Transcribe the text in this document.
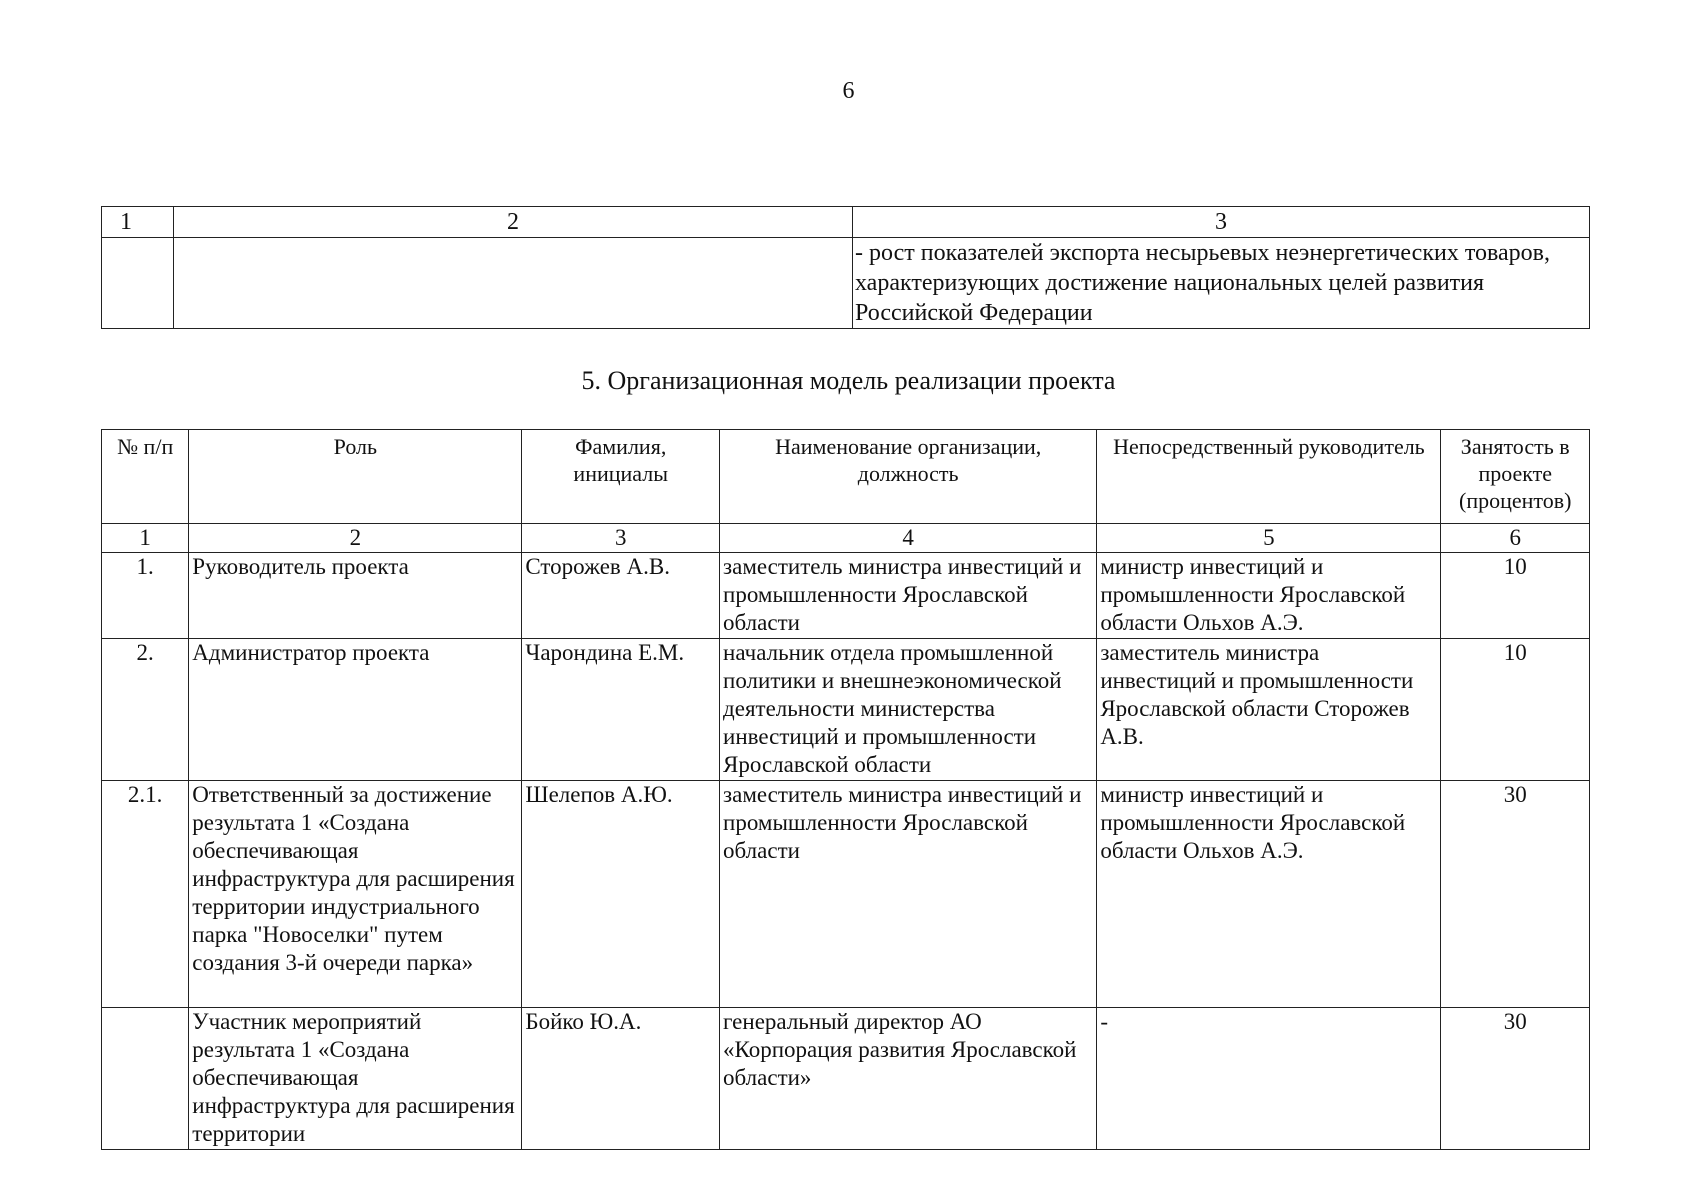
6
1	2	3
		- рост показателей экспорта несырьевых неэнергетических товаров, характеризующих достижение национальных целей развития Российской Федерации
5. Организационная модель реализации проекта
№ п/п	Роль	Фамилия, инициалы	Наименование организации, должность	Непосредственный руководитель	Занятость в проекте (процентов)
1	2	3	4	5	6
1.	Руководитель проекта	Сторожев А.В.	заместитель министра инвестиций и промышленности Ярославской области	министр инвестиций и промышленности Ярославской области Ольхов А.Э.	10
2.	Администратор проекта	Чарондина Е.М.	начальник отдела промышленной политики и внешнеэкономической деятельности министерства инвестиций и промышленности Ярославской области	заместитель министра инвестиций и промышленности Ярославской области Сторожев А.В.	10
2.1.	Ответственный за достижение результата 1 «Создана обеспечивающая инфраструктура для расширения территории индустриального парка "Новоселки" путем создания 3-й очереди парка»	Шелепов А.Ю.	заместитель министра инвестиций и промышленности Ярославской области	министр инвестиций и промышленности Ярославской области Ольхов А.Э.	30
	Участник мероприятий результата 1 «Создана обеспечивающая инфраструктура для расширения территории	Бойко Ю.А.	генеральный директор АО «Корпорация развития Ярославской области»	-	30
